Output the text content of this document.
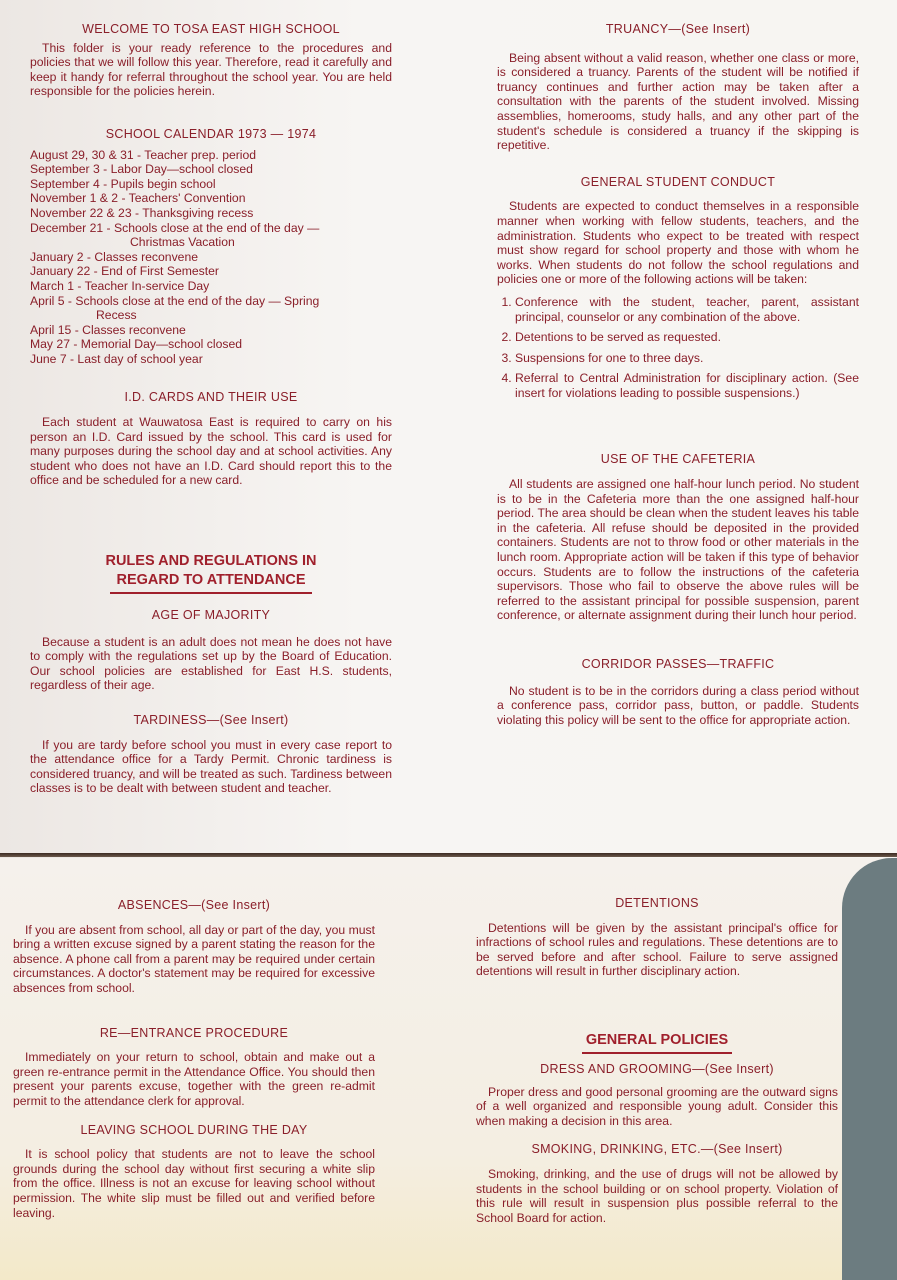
WELCOME TO TOSA EAST HIGH SCHOOL

This folder is your ready reference to the procedures and policies that we will follow this year. Therefore, read it carefully and keep it handy for referral throughout the school year. You are held responsible for the policies herein.

SCHOOL CALENDAR 1973 — 1974
August 29, 30 & 31 - Teacher prep. period
September 3 - Labor Day—school closed
September 4 - Pupils begin school
November 1 & 2 - Teachers' Convention
November 22 & 23 - Thanksgiving recess
December 21 - Schools close at the end of the day —
Christmas Vacation
January 2 - Classes reconvene
January 22 - End of First Semester
March 1 - Teacher In-service Day
April 5 - Schools close at the end of the day — Spring
Recess
April 15 - Classes reconvene
May 27 - Memorial Day—school closed
June 7 - Last day of school year
I.D. CARDS AND THEIR USE

Each student at Wauwatosa East is required to carry on his person an I.D. Card issued by the school. This card is used for many purposes during the school day and at school activities. Any student who does not have an I.D. Card should report this to the office and be scheduled for a new card.

RULES AND REGULATIONS IN
REGARD TO ATTENDANCE
AGE OF MAJORITY

Because a student is an adult does not mean he does not have to comply with the regulations set up by the Board of Education. Our school policies are established for East H.S. students, regardless of their age.

TARDINESS—(See Insert)

If you are tardy before school you must in every case report to the attendance office for a Tardy Permit. Chronic tardiness is considered truancy, and will be treated as such. Tardiness between classes is to be dealt with between student and teacher.

TRUANCY—(See Insert)

Being absent without a valid reason, whether one class or more, is considered a truancy. Parents of the student will be notified if truancy continues and further action may be taken after a consultation with the parents of the student involved. Missing assemblies, homerooms, study halls, and any other part of the student's schedule is considered a truancy if the skipping is repetitive.

GENERAL STUDENT CONDUCT

Students are expected to conduct themselves in a responsible manner when working with fellow students, teachers, and the administration. Students who expect to be treated with respect must show regard for school property and those with whom he works. When students do not follow the school regulations and policies one or more of the following actions will be taken:

1. Conference with the student, teacher, parent, assistant principal, counselor or any combination of the above.
2. Detentions to be served as requested.
3. Suspensions for one to three days.
4. Referral to Central Administration for disciplinary action. (See insert for violations leading to possible suspensions.)
USE OF THE CAFETERIA

All students are assigned one half-hour lunch period. No student is to be in the Cafeteria more than the one assigned half-hour period. The area should be clean when the student leaves his table in the cafeteria. All refuse should be deposited in the provided containers. Students are not to throw food or other materials in the lunch room. Appropriate action will be taken if this type of behavior occurs. Students are to follow the instructions of the cafeteria supervisors. Those who fail to observe the above rules will be referred to the assistant principal for possible suspension, parent conference, or alternate assignment during their lunch hour period.

CORRIDOR PASSES—TRAFFIC

No student is to be in the corridors during a class period without a conference pass, corridor pass, button, or paddle. Students violating this policy will be sent to the office for appropriate action.

ABSENCES—(See Insert)

If you are absent from school, all day or part of the day, you must bring a written excuse signed by a parent stating the reason for the absence. A phone call from a parent may be required under certain circumstances. A doctor's statement may be required for excessive absences from school.

RE—ENTRANCE PROCEDURE

Immediately on your return to school, obtain and make out a green re-entrance permit in the Attendance Office. You should then present your parents excuse, together with the green re-admit permit to the attendance clerk for approval.

LEAVING SCHOOL DURING THE DAY

It is school policy that students are not to leave the school grounds during the school day without first securing a white slip from the office. Illness is not an excuse for leaving school without permission. The white slip must be filled out and verified before leaving.

DETENTIONS

Detentions will be given by the assistant principal's office for infractions of school rules and regulations. These detentions are to be served before and after school. Failure to serve assigned detentions will result in further disciplinary action.

GENERAL POLICIES
DRESS AND GROOMING—(See Insert)

Proper dress and good personal grooming are the outward signs of a well organized and responsible young adult. Consider this when making a decision in this area.

SMOKING, DRINKING, ETC.—(See Insert)

Smoking, drinking, and the use of drugs will not be allowed by students in the school building or on school property. Violation of this rule will result in suspension plus possible referral to the School Board for action.
